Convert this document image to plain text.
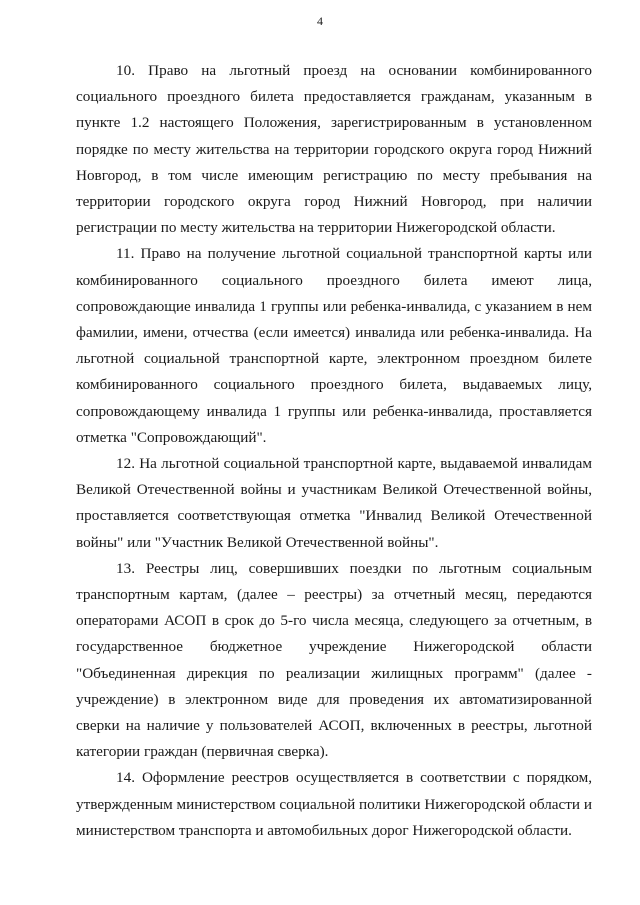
4

10. Право на льготный проезд на основании комбинированного социального проездного билета предоставляется гражданам, указанным в пункте 1.2 настоящего Положения, зарегистрированным в установленном порядке по месту жительства на территории городского округа город Нижний Новгород, в том числе имеющим регистрацию по месту пребывания на территории городского округа город Нижний Новгород, при наличии регистрации по месту жительства на территории Нижегородской области.

11. Право на получение льготной социальной транспортной карты или комбинированного социального проездного билета имеют лица, сопровождающие инвалида 1 группы или ребенка-инвалида, с указанием в нем фамилии, имени, отчества (если имеется) инвалида или ребенка-инвалида. На льготной социальной транспортной карте, электронном проездном билете комбинированного социального проездного билета, выдаваемых лицу, сопровождающему инвалида 1 группы или ребенка-инвалида, проставляется отметка "Сопровождающий".

12. На льготной социальной транспортной карте, выдаваемой инвалидам Великой Отечественной войны и участникам Великой Отечественной войны, проставляется соответствующая отметка "Инвалид Великой Отечественной войны" или "Участник Великой Отечественной войны".

13. Реестры лиц, совершивших поездки по льготным социальным транспортным картам, (далее – реестры) за отчетный месяц, передаются операторами АСОП в срок до 5-го числа месяца, следующего за отчетным, в государственное бюджетное учреждение Нижегородской области "Объединенная дирекция по реализации жилищных программ" (далее - учреждение) в электронном виде для проведения их автоматизированной сверки на наличие у пользователей АСОП, включенных в реестры, льготной категории граждан (первичная сверка).

14. Оформление реестров осуществляется в соответствии с порядком, утвержденным министерством социальной политики Нижегородской области и министерством транспорта и автомобильных дорог Нижегородской области.
